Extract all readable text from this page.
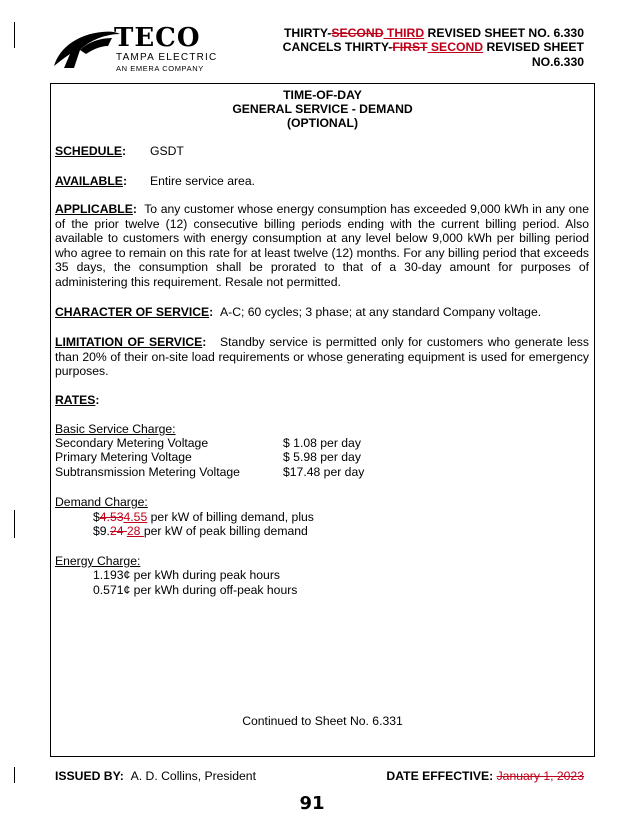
TECO
TAMPA ELECTRIC
AN EMERA COMPANY
THIRTY-SECOND THIRD REVISED SHEET NO. 6.330
CANCELS THIRTY-FIRST SECOND REVISED SHEET
NO.6.330
TIME-OF-DAY
GENERAL SERVICE - DEMAND
(OPTIONAL)
SCHEDULE: GSDT
AVAILABLE: Entire service area.
APPLICABLE: To any customer whose energy consumption has exceeded 9,000 kWh in any one of the prior twelve (12) consecutive billing periods ending with the current billing period. Also available to customers with energy consumption at any level below 9,000 kWh per billing period who agree to remain on this rate for at least twelve (12) months. For any billing period that exceeds 35 days, the consumption shall be prorated to that of a 30-day amount for purposes of administering this requirement. Resale not permitted.
CHARACTER OF SERVICE: A-C; 60 cycles; 3 phase; at any standard Company voltage.
LIMITATION OF SERVICE: Standby service is permitted only for customers who generate less than 20% of their on-site load requirements or whose generating equipment is used for emergency purposes.
RATES:
Basic Service Charge:
Secondary Metering Voltage	$ 1.08 per day
Primary Metering Voltage	$ 5.98 per day
Subtransmission Metering Voltage	$17.48 per day
Demand Charge:
$4.534.55 per kW of billing demand, plus
$9.24 28 per kW of peak billing demand
Energy Charge:
1.193¢ per kWh during peak hours
0.571¢ per kWh during off-peak hours
Continued to Sheet No. 6.331
ISSUED BY: A. D. Collins, President	DATE EFFECTIVE: January 1, 2023
91
